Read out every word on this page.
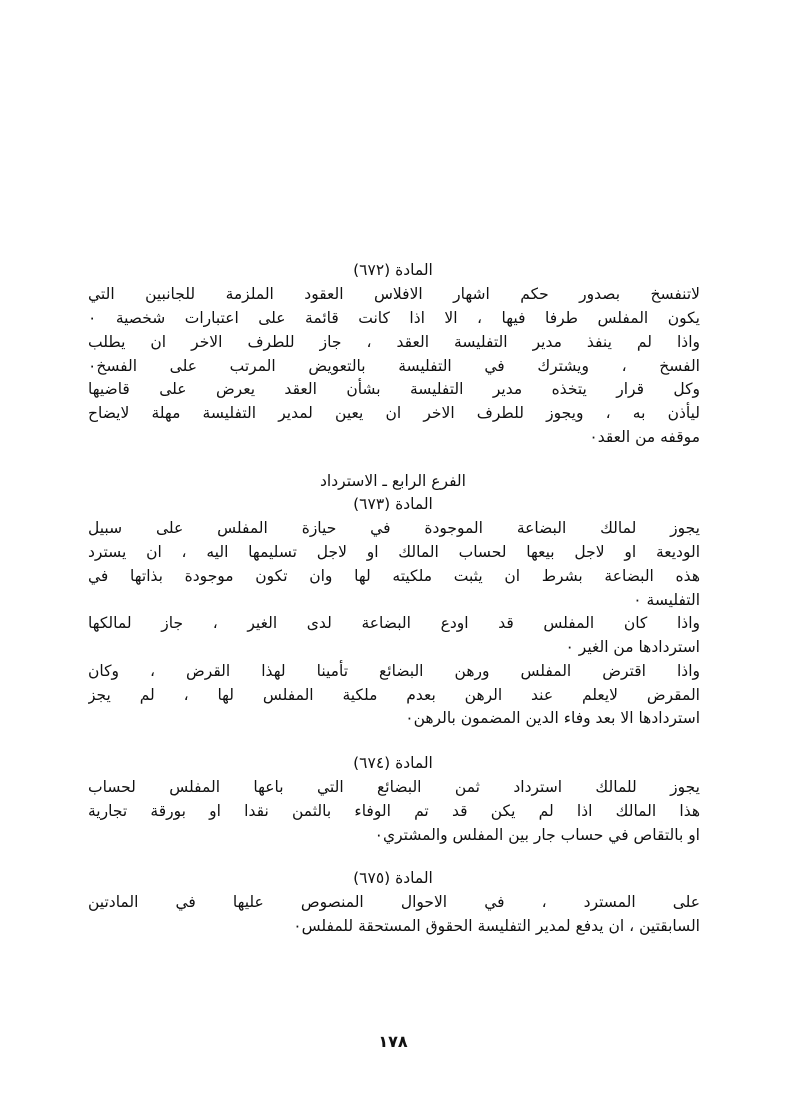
المادة (٦٧٢)
لاتنفسخ بصدور حكم اشهار الافلاس العقود الملزمة للجانبين التي
يكون المفلس طرفا فيها ، الا اذا كانت قائمة على اعتبارات شخصية ٠
واذا لم ينفذ مدير التفليسة العقد ، جاز للطرف الاخر ان يطلب
الفسخ ، ويشترك في التفليسة بالتعويض المرتب على الفسخ٠
وكل قرار يتخذه مدير التفليسة بشأن العقد يعرض على قاضيها
ليأذن به ، ويجوز للطرف الاخر ان يعين لمدير التفليسة مهلة لايضاح
موقفه من العقد٠
الفرع الرابع ـ الاسترداد
المادة (٦٧٣)
يجوز لمالك البضاعة الموجودة في حيازة المفلس على سبيل
الوديعة او لاجل بيعها لحساب المالك او لاجل تسليمها اليه ، ان يسترد
هذه البضاعة بشرط ان يثبت ملكيته لها وان تكون موجودة بذاتها في
التفليسة ٠
واذا كان المفلس قد اودع البضاعة لدى الغير ، جاز لمالكها
استردادها من الغير ٠
واذا اقترض المفلس ورهن البضائع تأمينا لهذا القرض ، وكان
المقرض لايعلم عند الرهن بعدم ملكية المفلس لها ، لم يجز
استردادها الا بعد وفاء الدين المضمون بالرهن٠
المادة (٦٧٤)
يجوز للمالك استرداد ثمن البضائع التي باعها المفلس لحساب
هذا المالك اذا لم يكن قد تم الوفاء بالثمن نقدا او بورقة تجارية
او بالتقاص في حساب جار بين المفلس والمشتري٠
المادة (٦٧٥)
على المسترد ، في الاحوال المنصوص عليها في المادتين
السابقتين ، ان يدفع لمدير التفليسة الحقوق المستحقة للمفلس٠
١٧٨
